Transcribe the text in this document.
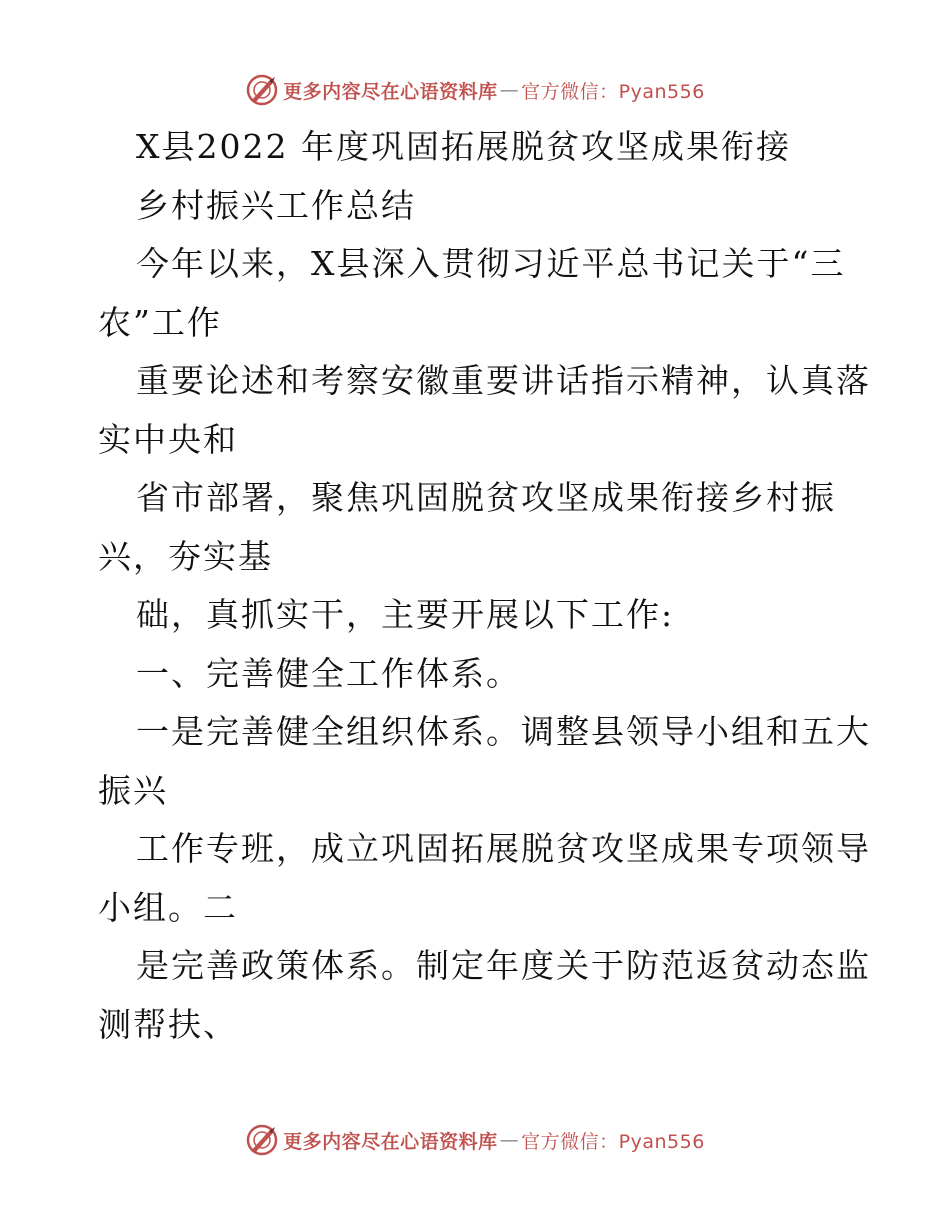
更多内容尽在心语资料库 — 官方微信：Pyan556
X县2022 年度巩固拓展脱贫攻坚成果衔接
乡村振兴工作总结
今年以来，X县深入贯彻习近平总书记关于“三
农”工作
重要论述和考察安徽重要讲话指示精神，认真落
实中央和
省市部署，聚焦巩固脱贫攻坚成果衔接乡村振
兴，夯实基
础，真抓实干，主要开展以下工作:
一、完善健全工作体系。
一是完善健全组织体系。调整县领导小组和五大
振兴
工作专班，成立巩固拓展脱贫攻坚成果专项领导
小组。二
是完善政策体系。制定年度关于防范返贫动态监
测帮扶、
更多内容尽在心语资料库 — 官方微信：Pyan556
